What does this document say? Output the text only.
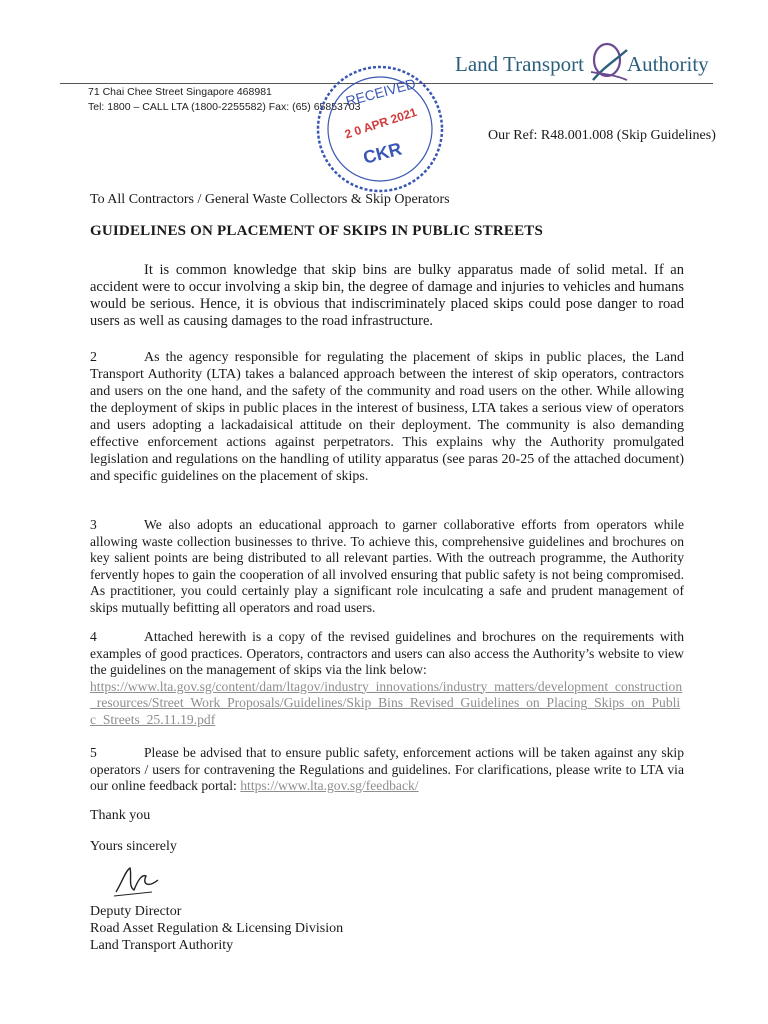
Land Transport Authority
71 Chai Chee Street Singapore 468981
Tel: 1800 – CALL LTA (1800-2255582) Fax: (65) 65853703
RECEIVED
2 0 APR 2021
CKR
Our Ref: R48.001.008 (Skip Guidelines)
To All Contractors / General Waste Collectors & Skip Operators
GUIDELINES ON PLACEMENT OF SKIPS IN PUBLIC STREETS
It is common knowledge that skip bins are bulky apparatus made of solid metal. If an accident were to occur involving a skip bin, the degree of damage and injuries to vehicles and humans would be serious. Hence, it is obvious that indiscriminately placed skips could pose danger to road users as well as causing damages to the road infrastructure.
2	As the agency responsible for regulating the placement of skips in public places, the Land Transport Authority (LTA) takes a balanced approach between the interest of skip operators, contractors and users on the one hand, and the safety of the community and road users on the other. While allowing the deployment of skips in public places in the interest of business, LTA takes a serious view of operators and users adopting a lackadaisical attitude on their deployment. The community is also demanding effective enforcement actions against perpetrators. This explains why the Authority promulgated legislation and regulations on the handling of utility apparatus (see paras 20-25 of the attached document) and specific guidelines on the placement of skips.
3	We also adopts an educational approach to garner collaborative efforts from operators while allowing waste collection businesses to thrive. To achieve this, comprehensive guidelines and brochures on key salient points are being distributed to all relevant parties. With the outreach programme, the Authority fervently hopes to gain the cooperation of all involved ensuring that public safety is not being compromised. As practitioner, you could certainly play a significant role inculcating a safe and prudent management of skips mutually befitting all operators and road users.
4	Attached herewith is a copy of the revised guidelines and brochures on the requirements with examples of good practices. Operators, contractors and users can also access the Authority’s website to view the guidelines on the management of skips via the link below:
https://www.lta.gov.sg/content/dam/ltagov/industry_innovations/industry_matters/development_construction_resources/Street_Work_Proposals/Guidelines/Skip_Bins_Revised_Guidelines_on_Placing_Skips_on_Public_Streets_25.11.19.pdf
5	Please be advised that to ensure public safety, enforcement actions will be taken against any skip operators / users for contravening the Regulations and guidelines. For clarifications, please write to LTA via our online feedback portal: https://www.lta.gov.sg/feedback/
Thank you
Yours sincerely
Deputy Director
Road Asset Regulation & Licensing Division
Land Transport Authority
